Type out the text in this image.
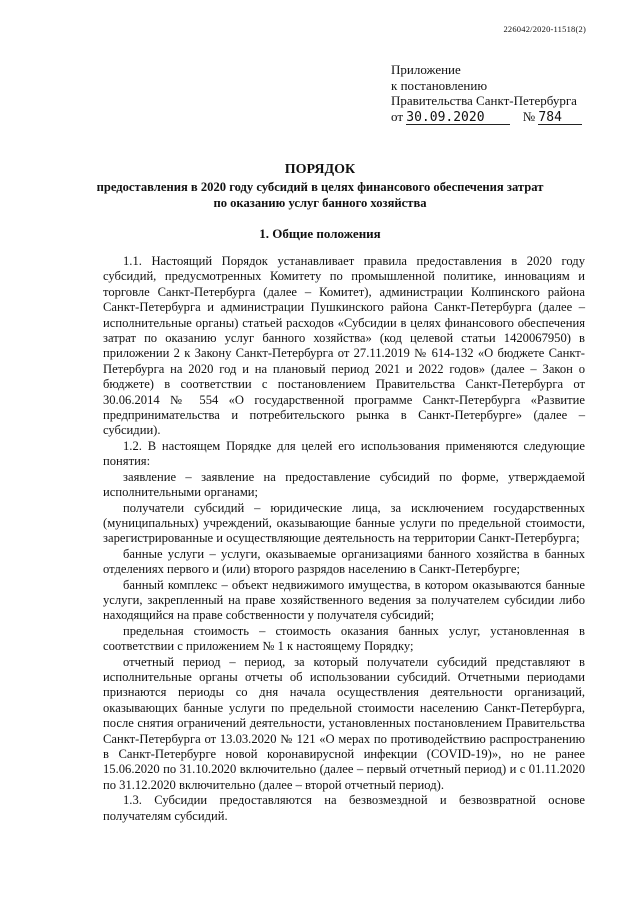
226042/2020-11518(2)
Приложение
к постановлению
Правительства Санкт-Петербурга
от 30.09.2020	№ 784
ПОРЯДОК
предоставления в 2020 году субсидий в целях финансового обеспечения затрат
по оказанию услуг банного хозяйства
1. Общие положения

1.1. Настоящий Порядок устанавливает правила предоставления в 2020 году субсидий, предусмотренных Комитету по промышленной политике, инновациям и торговле Санкт-Петербурга (далее – Комитет), администрации Колпинского района Санкт-Петербурга и администрации Пушкинского района Санкт-Петербурга (далее – исполнительные органы) статьей расходов «Субсидии в целях финансового обеспечения затрат по оказанию услуг банного хозяйства» (код целевой статьи 1420067950) в приложении 2 к Закону Санкт-Петербурга от 27.11.2019 № 614-132 «О бюджете Санкт-Петербурга на 2020 год и на плановый период 2021 и 2022 годов» (далее – Закон о бюджете) в соответствии с постановлением Правительства Санкт-Петербурга от 30.06.2014 № 554 «О государственной программе Санкт-Петербурга «Развитие предпринимательства и потребительского рынка в Санкт-Петербурге» (далее – субсидии).

1.2. В настоящем Порядке для целей его использования применяются следующие понятия:

заявление – заявление на предоставление субсидий по форме, утверждаемой исполнительными органами;

получатели субсидий – юридические лица, за исключением государственных (муниципальных) учреждений, оказывающие банные услуги по предельной стоимости, зарегистрированные и осуществляющие деятельность на территории Санкт-Петербурга;

банные услуги – услуги, оказываемые организациями банного хозяйства в банных отделениях первого и (или) второго разрядов населению в Санкт-Петербурге;

банный комплекс – объект недвижимого имущества, в котором оказываются банные услуги, закрепленный на праве хозяйственного ведения за получателем субсидии либо находящийся на праве собственности у получателя субсидий;

предельная стоимость – стоимость оказания банных услуг, установленная в соответствии с приложением № 1 к настоящему Порядку;

отчетный период – период, за который получатели субсидий представляют в исполнительные органы отчеты об использовании субсидий. Отчетными периодами признаются периоды со дня начала осуществления деятельности организаций, оказывающих банные услуги по предельной стоимости населению Санкт-Петербурга, после снятия ограничений деятельности, установленных постановлением Правительства Санкт-Петербурга от 13.03.2020 № 121 «О мерах по противодействию распространению в Санкт-Петербурге новой коронавирусной инфекции (COVID-19)», но не ранее 15.06.2020 по 31.10.2020 включительно (далее – первый отчетный период) и с 01.11.2020 по 31.12.2020 включительно (далее – второй отчетный период).

1.3. Субсидии предоставляются на безвозмездной и безвозвратной основе получателям субсидий.
